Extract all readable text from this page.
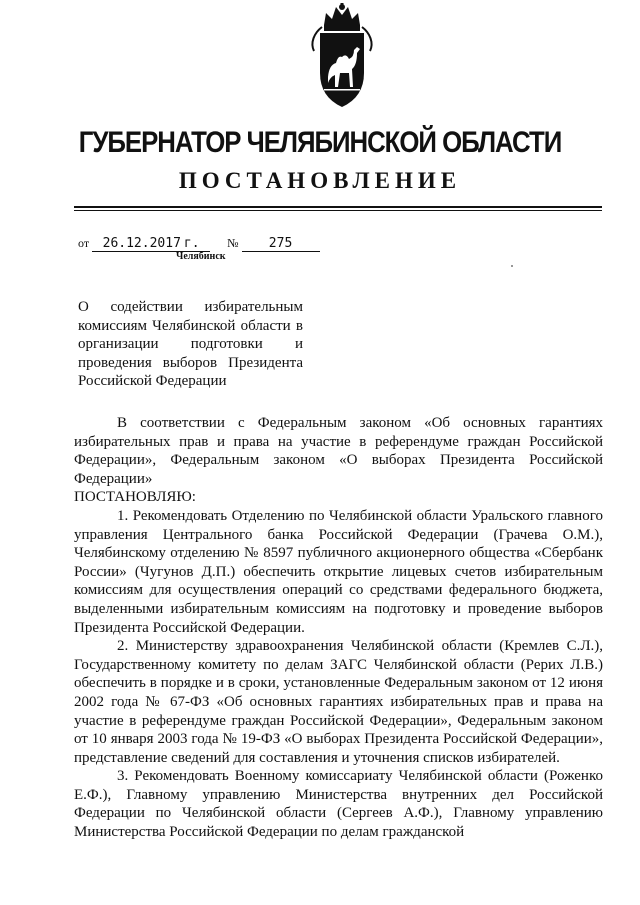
ГУБЕРНАТОР ЧЕЛЯБИНСКОЙ ОБЛАСТИ
ПОСТАНОВЛЕНИЕ
от 26.12.2017 г. № 275
Челябинск
О содействии избирательным комиссиям Челябинской области в организации подготовки и проведения выборов Президента Российской Федерации

В соответствии с Федеральным законом «Об основных гарантиях избирательных прав и права на участие в референдуме граждан Российской Федерации», Федеральным законом «О выборах Президента Российской Федерации»

ПОСТАНОВЛЯЮ:

1. Рекомендовать Отделению по Челябинской области Уральского главного управления Центрального банка Российской Федерации (Грачева О.М.), Челябинскому отделению № 8597 публичного акционерного общества «Сбербанк России» (Чугунов Д.П.) обеспечить открытие лицевых счетов избирательным комиссиям для осуществления операций со средствами федерального бюджета, выделенными избирательным комиссиям на подготовку и проведение выборов Президента Российской Федерации.

2. Министерству здравоохранения Челябинской области (Кремлев С.Л.), Государственному комитету по делам ЗАГС Челябинской области (Рерих Л.В.) обеспечить в порядке и в сроки, установленные Федеральным законом от 12 июня 2002 года № 67-ФЗ «Об основных гарантиях избирательных прав и права на участие в референдуме граждан Российской Федерации», Федеральным законом от 10 января 2003 года № 19-ФЗ «О выборах Президента Российской Федерации», представление сведений для составления и уточнения списков избирателей.

3. Рекомендовать Военному комиссариату Челябинской области (Роженко Е.Ф.), Главному управлению Министерства внутренних дел Российской Федерации по Челябинской области (Сергеев А.Ф.), Главному управлению Министерства Российской Федерации по делам гражданской
